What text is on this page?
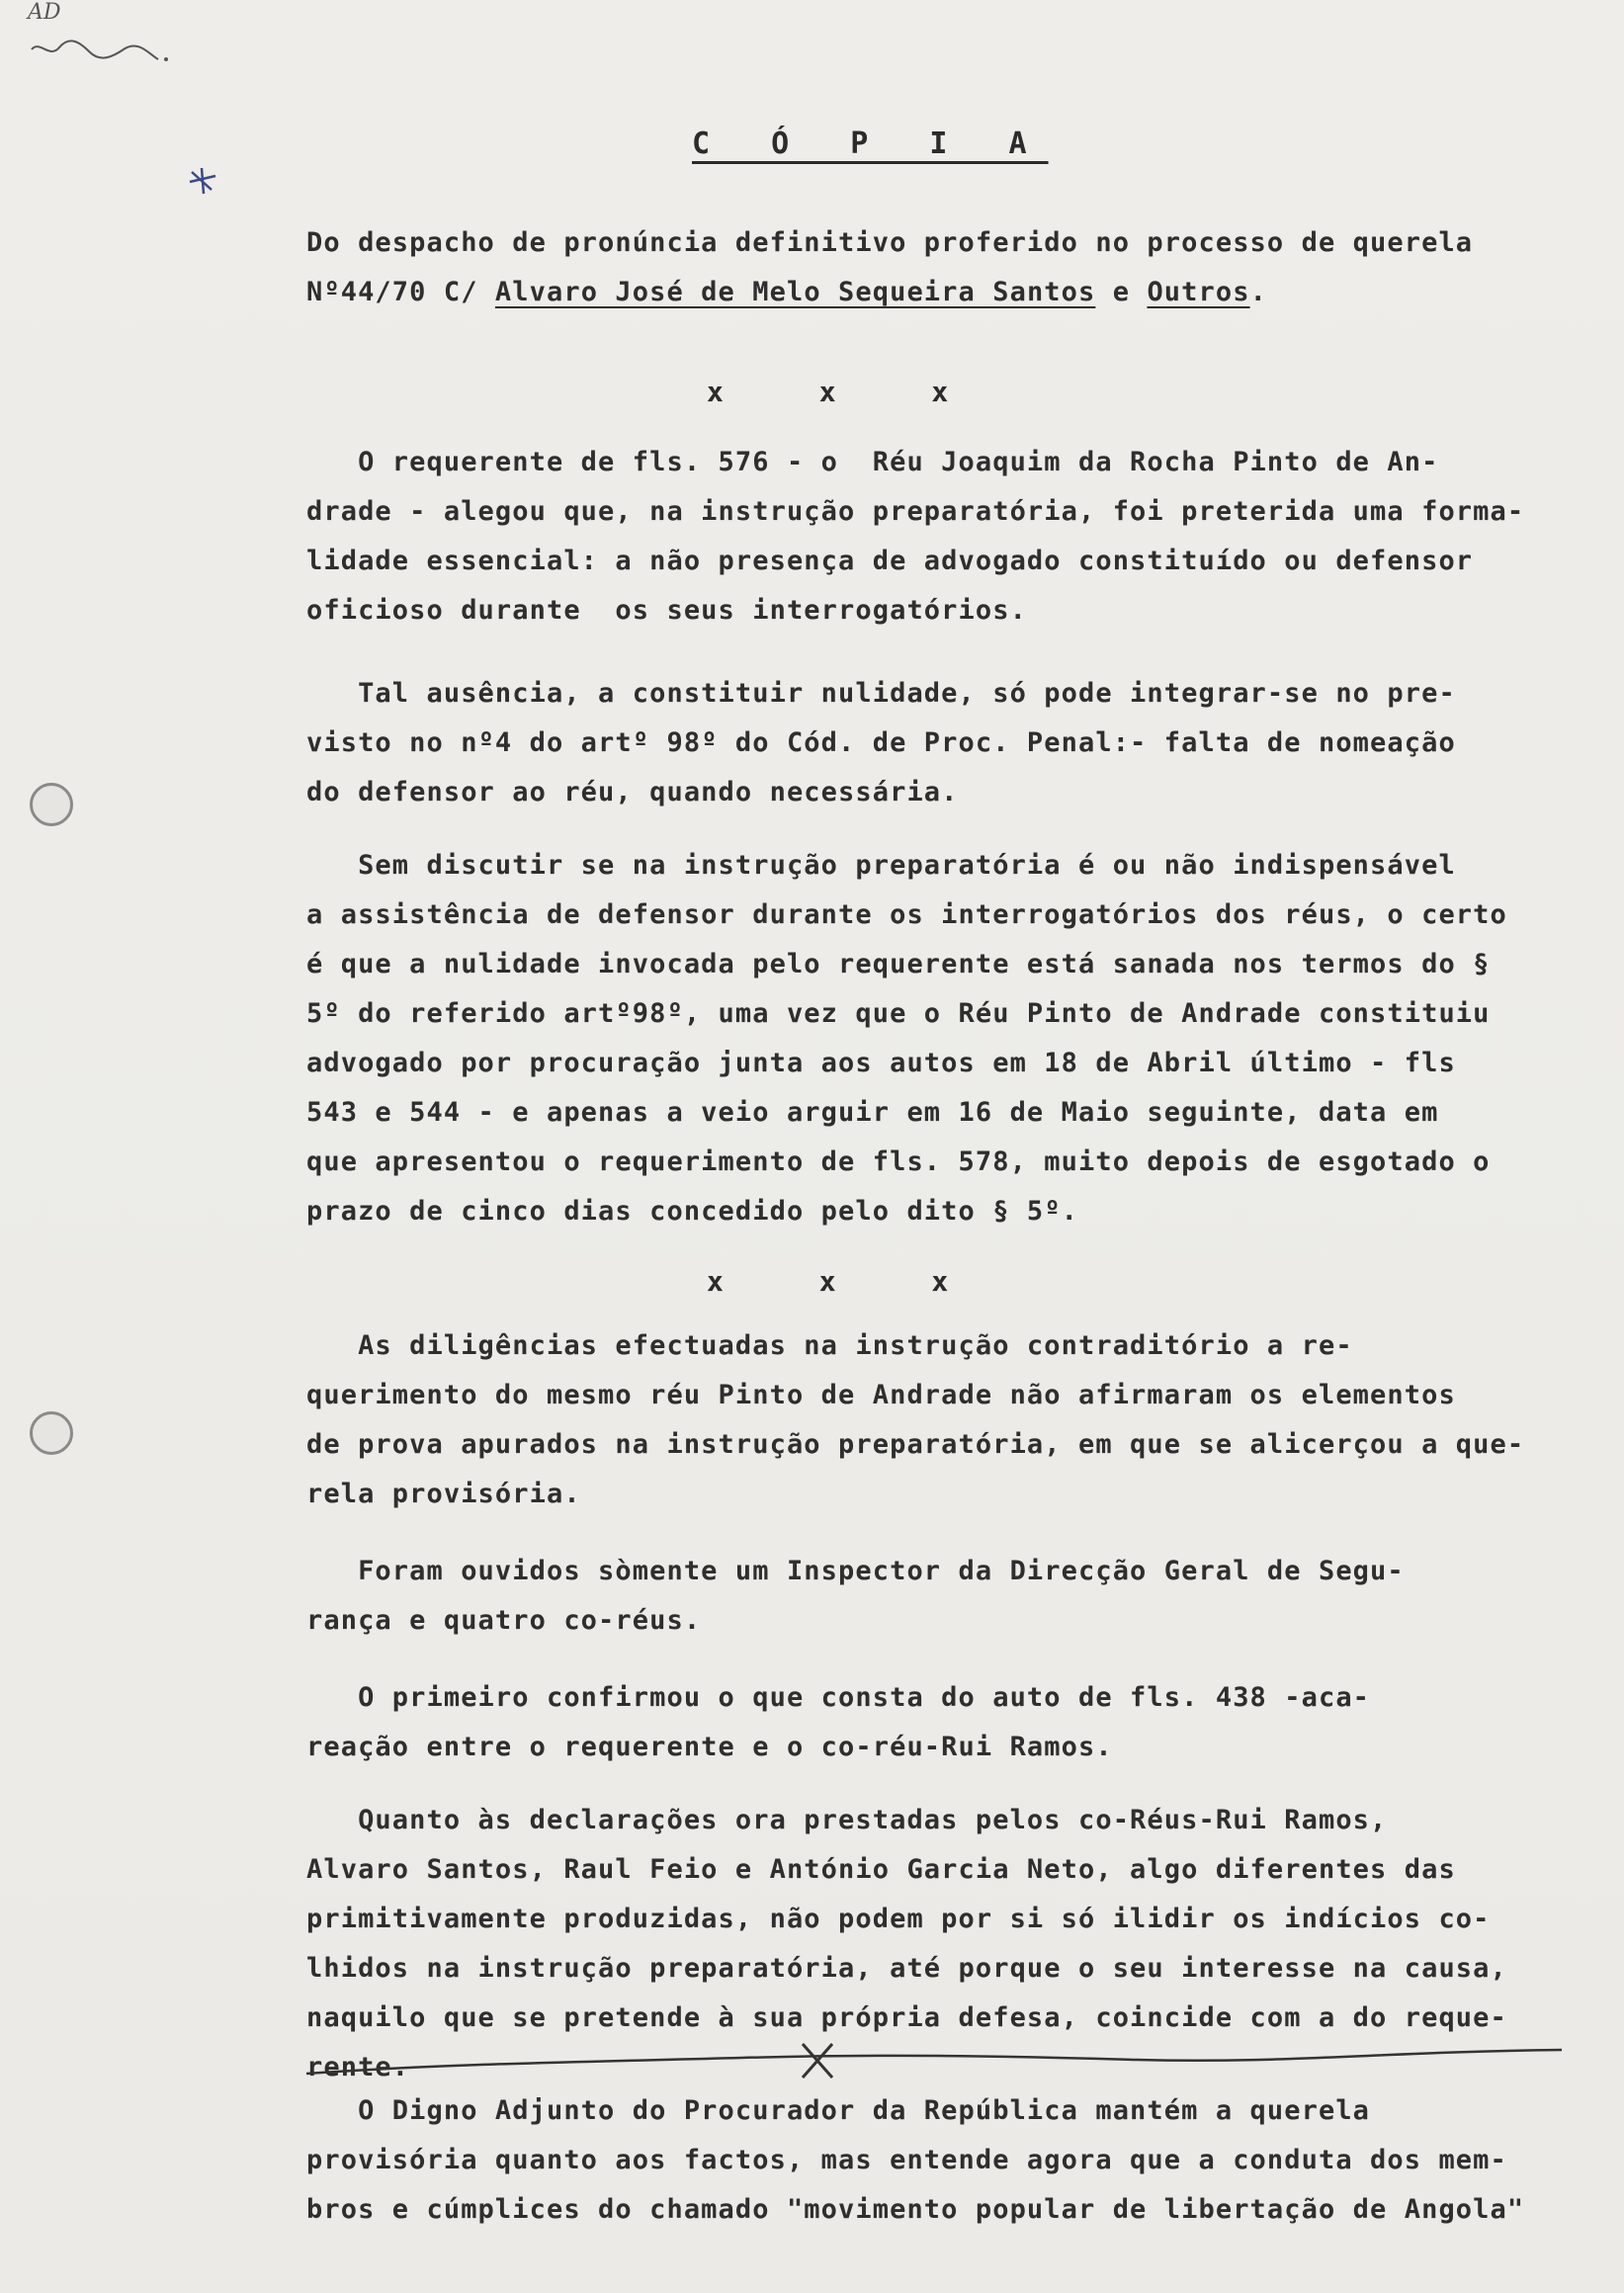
AD
C Ó P I A
Do despacho de pronúncia definitivo proferido no processo de querela
Nº44/70 C/ Alvaro José de Melo Sequeira Santos e Outros.
x x x
O requerente de fls. 576 - o  Réu Joaquim da Rocha Pinto de An-
drade - alegou que, na instrução preparatória, foi preterida uma forma-
lidade essencial: a não presença de advogado constituído ou defensor
oficioso durante  os seus interrogatórios.
Tal ausência, a constituir nulidade, só pode integrar-se no pre-
visto no nº4 do artº 98º do Cód. de Proc. Penal:- falta de nomeação
do defensor ao réu, quando necessária.
Sem discutir se na instrução preparatória é ou não indispensável
a assistência de defensor durante os interrogatórios dos réus, o certo
é que a nulidade invocada pelo requerente está sanada nos termos do §
5º do referido artº98º, uma vez que o Réu Pinto de Andrade constituiu
advogado por procuração junta aos autos em 18 de Abril último - fls
543 e 544 - e apenas a veio arguir em 16 de Maio seguinte, data em
que apresentou o requerimento de fls. 578, muito depois de esgotado o
prazo de cinco dias concedido pelo dito § 5º.
x x x
As diligências efectuadas na instrução contraditório a re-
querimento do mesmo réu Pinto de Andrade não afirmaram os elementos
de prova apurados na instrução preparatória, em que se alicerçou a que-
rela provisória.
Foram ouvidos sòmente um Inspector da Direcção Geral de Segu-
rança e quatro co-réus.
O primeiro confirmou o que consta do auto de fls. 438 -aca-
reação entre o requerente e o co-réu-Rui Ramos.
Quanto às declarações ora prestadas pelos co-Réus-Rui Ramos,
Alvaro Santos, Raul Feio e António Garcia Neto, algo diferentes das
primitivamente produzidas, não podem por si só ilidir os indícios co-
lhidos na instrução preparatória, até porque o seu interesse na causa,
naquilo que se pretende à sua própria defesa, coincide com a do reque-
rente.
O Digno Adjunto do Procurador da República mantém a querela
provisória quanto aos factos, mas entende agora que a conduta dos mem-
bros e cúmplices do chamado "movimento popular de libertação de Angola"
